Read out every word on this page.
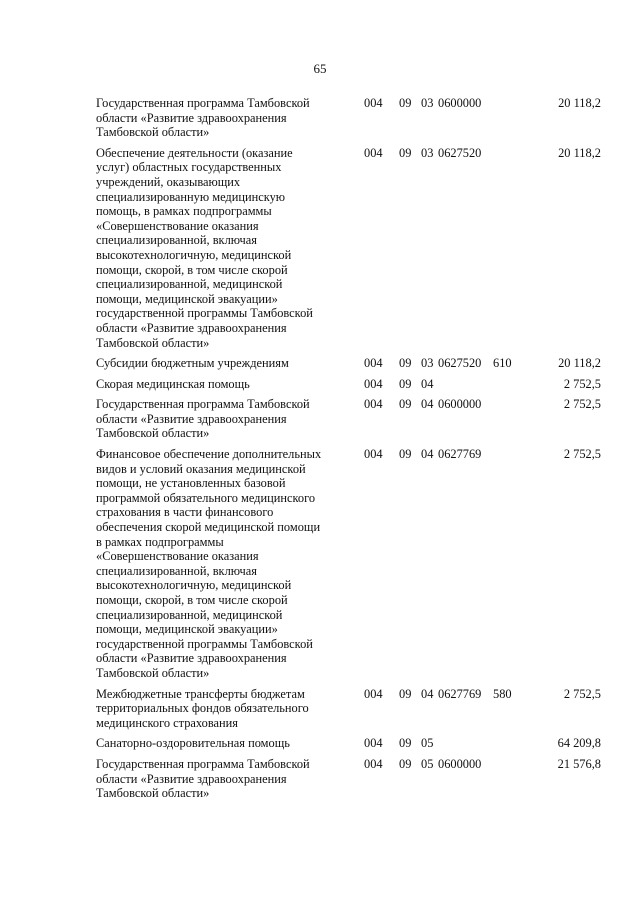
65
Государственная программа Тамбовской
области «Развитие здравоохранения
Тамбовской области»
004 09 03 0600000	20 118,2
Обеспечение деятельности (оказание
услуг) областных государственных
учреждений, оказывающих
специализированную медицинскую
помощь, в рамках подпрограммы
«Совершенствование оказания
специализированной, включая
высокотехнологичную, медицинской
помощи, скорой, в том числе скорой
специализированной, медицинской
помощи, медицинской эвакуации»
государственной программы Тамбовской
области «Развитие здравоохранения
Тамбовской области»
004 09 03 0627520	20 118,2
Субсидии бюджетным учреждениям	004 09 03 0627520 610	20 118,2
Скорая медицинская помощь	004 09 04	2 752,5
Государственная программа Тамбовской
области «Развитие здравоохранения
Тамбовской области»
004 09 04 0600000	2 752,5
Финансовое обеспечение дополнительных
видов и условий оказания медицинской
помощи, не установленных базовой
программой обязательного медицинского
страхования в части финансового
обеспечения скорой медицинской помощи
в рамках подпрограммы
«Совершенствование оказания
специализированной, включая
высокотехнологичную, медицинской
помощи, скорой, в том числе скорой
специализированной, медицинской
помощи, медицинской эвакуации»
государственной программы Тамбовской
области «Развитие здравоохранения
Тамбовской области»
004 09 04 0627769	2 752,5
Межбюджетные трансферты бюджетам
территориальных фондов обязательного
медицинского страхования
004 09 04 0627769 580	2 752,5
Санаторно-оздоровительная помощь	004 09 05	64 209,8
Государственная программа Тамбовской
области «Развитие здравоохранения
Тамбовской области»
004 09 05 0600000	21 576,8
